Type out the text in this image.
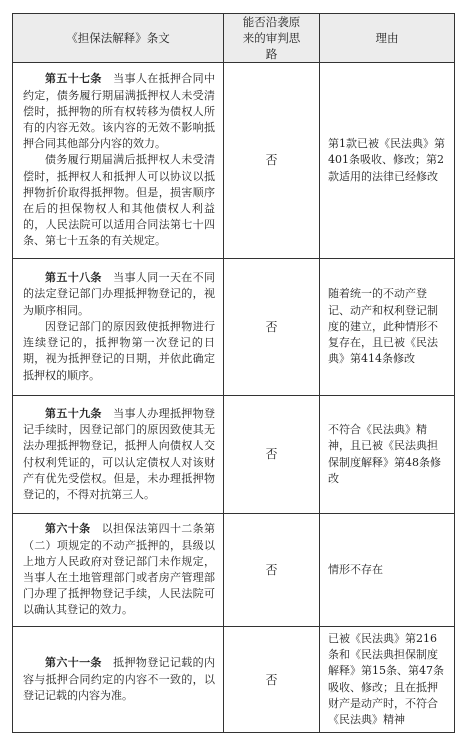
《担保法解释》条文	能否沿袭原来的审判思路	理由

第五十七条　 当事人在抵押合同中约定，债务履行期届满抵押权人未受清偿时，抵押物的所有权转移为债权人所有的内容无效。该内容的无效不影响抵押合同其他部分内容的效力。

债务履行期届满后抵押权人未受清偿时，抵押权人和抵押人可以协议以抵押物折价取得抵押物。但是，损害顺序在后的担保物权人和其他债权人利益的，人民法院可以适用合同法第七十四条、第七十五条的有关规定。	否	第1款已被《民法典》第401条吸收、修改；第2款适用的法律已经修改

第五十八条　 当事人同一天在不同的法定登记部门办理抵押物登记的，视为顺序相同。

因登记部门的原因致使抵押物进行连续登记的，抵押物第一次登记的日期，视为抵押登记的日期，并依此确定抵押权的顺序。	否	随着统一的不动产登记、动产和权利登记制度的建立，此种情形不复存在，且已被《民法典》第414条修改

第五十九条　 当事人办理抵押物登记手续时，因登记部门的原因致使其无法办理抵押物登记，抵押人向债权人交付权利凭证的，可以认定债权人对该财产有优先受偿权。但是，未办理抵押物登记的，不得对抗第三人。	否	不符合《民法典》精神，且已被《民法典担保制度解释》第48条修改

第六十条　 以担保法第四十二条第（二）项规定的不动产抵押的，县级以上地方人民政府对登记部门未作规定，当事人在土地管理部门或者房产管理部门办理了抵押物登记手续，人民法院可以确认其登记的效力。	否	情形不存在

第六十一条　 抵押物登记记载的内容与抵押合同约定的内容不一致的，以登记记载的内容为准。	否	已被《民法典》第216条和《民法典担保制度解释》第15条、第47条吸收、修改；且在抵押财产是动产时，不符合《民法典》精神
